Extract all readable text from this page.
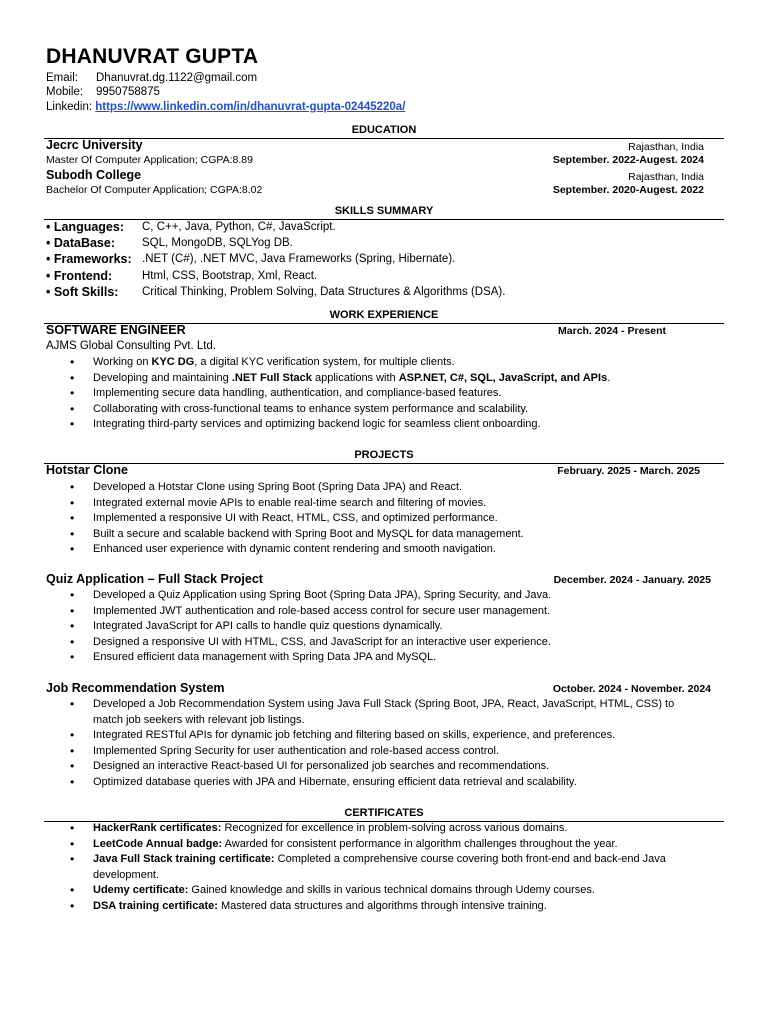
DHANUVRAT GUPTA
Email: Dhanuvrat.dg.1122@gmail.com
Mobile: 9950758875
Linkedin: https://www.linkedin.com/in/dhanuvrat-gupta-02445220a/
EDUCATION
Jecrc University	Rajasthan, India
Master Of Computer Application; CGPA:8.89	September. 2022-Augest. 2024
Subodh College	Rajasthan, India
Bachelor Of Computer Application; CGPA:8.02	September. 2020-Augest. 2022
SKILLS SUMMARY
• Languages: C, C++, Java, Python, C#, JavaScript.
• DataBase: SQL, MongoDB, SQLYog DB.
• Frameworks: .NET (C#), .NET MVC, Java Frameworks (Spring, Hibernate).
• Frontend:	Html, CSS, Bootstrap, Xml, React.
• Soft Skills: Critical Thinking, Problem Solving, Data Structures & Algorithms (DSA).
WORK EXPERIENCE
SOFTWARE ENGINEER	March. 2024 - Present
AJMS Global Consulting Pvt. Ltd.
• Working on KYC DG, a digital KYC verification system, for multiple clients.
• Developing and maintaining .NET Full Stack applications with ASP.NET, C#, SQL, JavaScript, and APIs.
• Implementing secure data handling, authentication, and compliance-based features.
• Collaborating with cross-functional teams to enhance system performance and scalability.
• Integrating third-party services and optimizing backend logic for seamless client onboarding.
PROJECTS
Hotstar Clone	February. 2025 - March. 2025
• Developed a Hotstar Clone using Spring Boot (Spring Data JPA) and React.
• Integrated external movie APIs to enable real-time search and filtering of movies.
• Implemented a responsive UI with React, HTML, CSS, and optimized performance.
• Built a secure and scalable backend with Spring Boot and MySQL for data management.
• Enhanced user experience with dynamic content rendering and smooth navigation.
Quiz Application – Full Stack Project	December. 2024 - January. 2025
• Developed a Quiz Application using Spring Boot (Spring Data JPA), Spring Security, and Java.
• Implemented JWT authentication and role-based access control for secure user management.
• Integrated JavaScript for API calls to handle quiz questions dynamically.
• Designed a responsive UI with HTML, CSS, and JavaScript for an interactive user experience.
• Ensured efficient data management with Spring Data JPA and MySQL.
Job Recommendation System	October. 2024 - November. 2024
• Developed a Job Recommendation System using Java Full Stack (Spring Boot, JPA, React, JavaScript, HTML, CSS) to match job seekers with relevant job listings.
• Integrated RESTful APIs for dynamic job fetching and filtering based on skills, experience, and preferences.
• Implemented Spring Security for user authentication and role-based access control.
• Designed an interactive React-based UI for personalized job searches and recommendations.
• Optimized database queries with JPA and Hibernate, ensuring efficient data retrieval and scalability.
CERTIFICATES
• HackerRank certificates: Recognized for excellence in problem-solving across various domains.
• LeetCode Annual badge: Awarded for consistent performance in algorithm challenges throughout the year.
• Java Full Stack training certificate: Completed a comprehensive course covering both front-end and back-end Java development.
• Udemy certificate: Gained knowledge and skills in various technical domains through Udemy courses.
• DSA training certificate: Mastered data structures and algorithms through intensive training.
